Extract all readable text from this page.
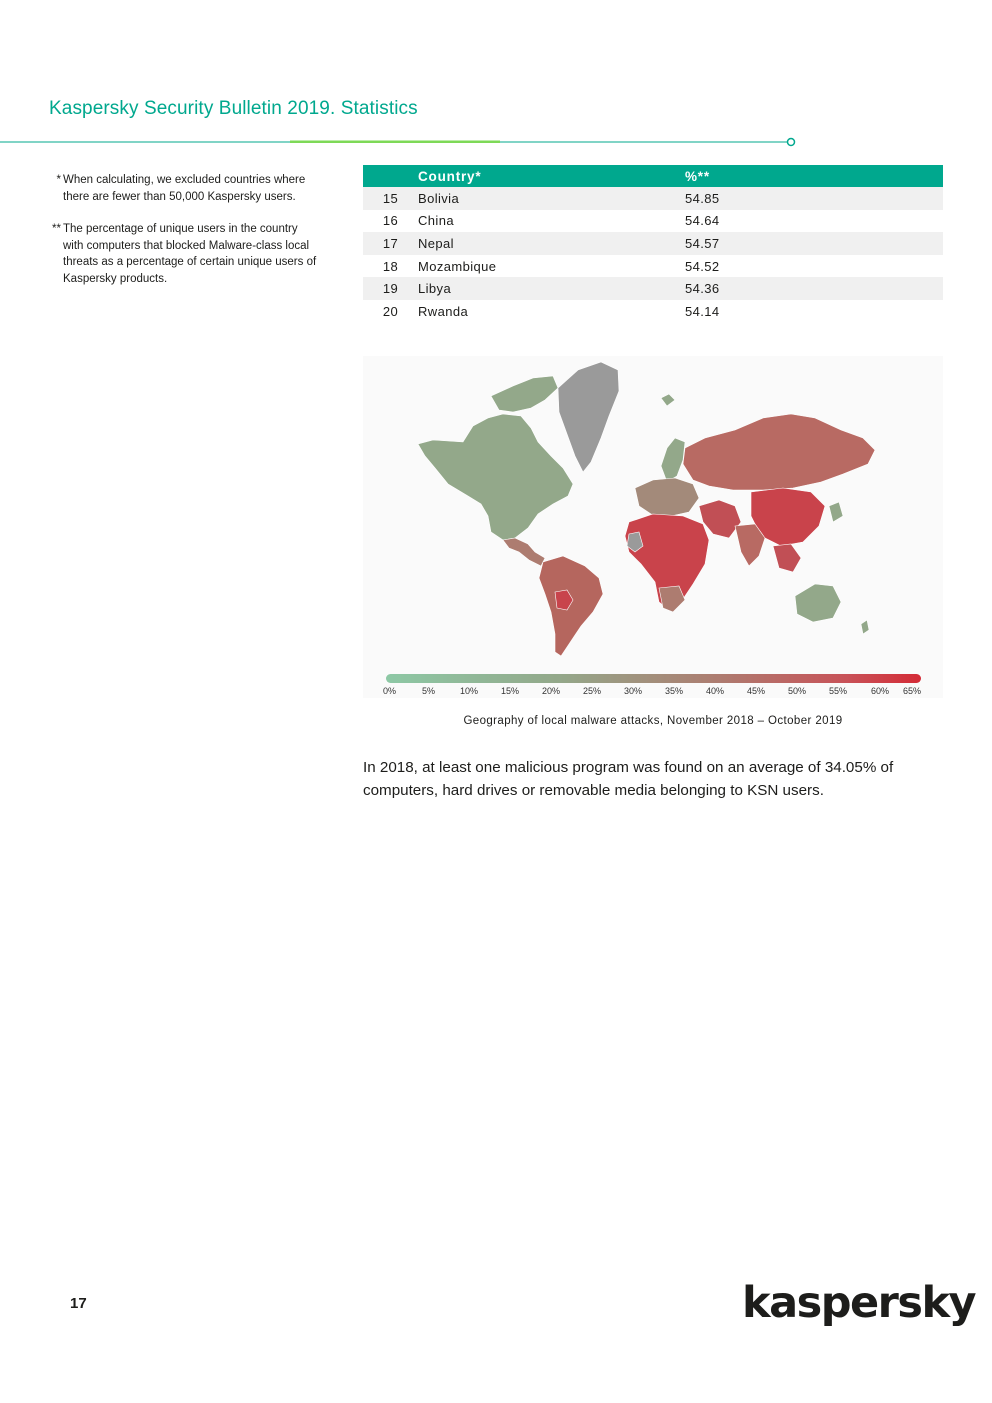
Kaspersky Security Bulletin 2019. Statistics
* When calculating, we excluded countries where there are fewer than 50,000 Kaspersky users.
** The percentage of unique users in the country with computers that blocked Malware-class local threats as a percentage of certain unique users of Kaspersky products.
	Country*	%**
15	Bolivia	54.85
16	China	54.64
17	Nepal	54.57
18	Mozambique	54.52
19	Libya	54.36
20	Rwanda	54.14
0%	5%	10%	15%	20%	25%	30%	35%	40%	45%	50%	55%	60% 65%
Geography of local malware attacks, November 2018 – October 2019
In 2018, at least one malicious program was found on an average of 34.05% of computers, hard drives or removable media belonging to KSN users.
17	kaspersky
